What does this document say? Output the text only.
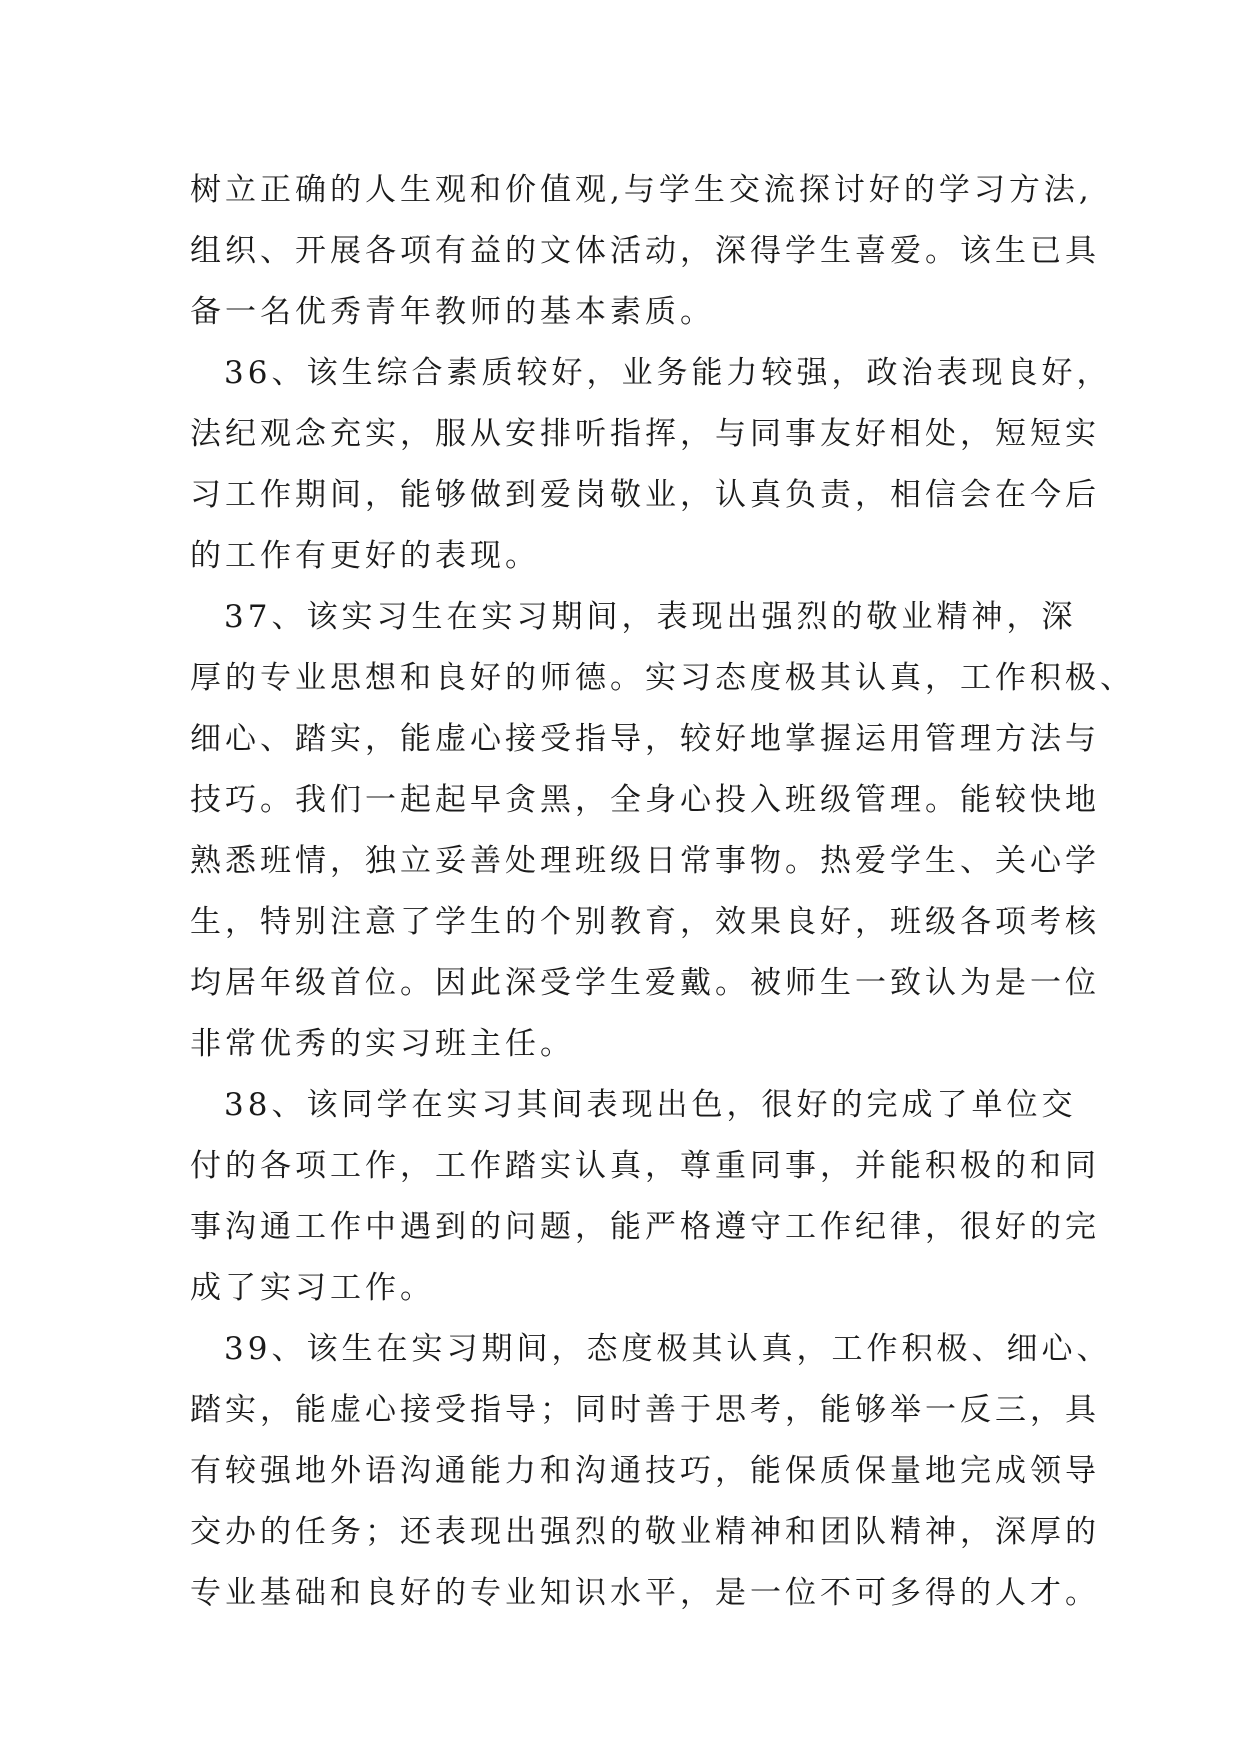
树立正确的人生观和价值观,与学生交流探讨好的学习方法,
组织、开展各项有益的文体活动，深得学生喜爱。该生已具
备一名优秀青年教师的基本素质。
36、该生综合素质较好，业务能力较强，政治表现良好，
法纪观念充实，服从安排听指挥，与同事友好相处，短短实
习工作期间，能够做到爱岗敬业，认真负责，相信会在今后
的工作有更好的表现。
37、该实习生在实习期间，表现出强烈的敬业精神，深
厚的专业思想和良好的师德。实习态度极其认真，工作积极、
细心、踏实，能虚心接受指导，较好地掌握运用管理方法与
技巧。我们一起起早贪黑，全身心投入班级管理。能较快地
熟悉班情，独立妥善处理班级日常事物。热爱学生、关心学
生，特别注意了学生的个别教育，效果良好，班级各项考核
均居年级首位。因此深受学生爱戴。被师生一致认为是一位
非常优秀的实习班主任。
38、该同学在实习其间表现出色，很好的完成了单位交
付的各项工作，工作踏实认真，尊重同事，并能积极的和同
事沟通工作中遇到的问题，能严格遵守工作纪律，很好的完
成了实习工作。
39、该生在实习期间，态度极其认真，工作积极、细心、
踏实，能虚心接受指导；同时善于思考，能够举一反三，具
有较强地外语沟通能力和沟通技巧，能保质保量地完成领导
交办的任务；还表现出强烈的敬业精神和团队精神，深厚的
专业基础和良好的专业知识水平，是一位不可多得的人才。
